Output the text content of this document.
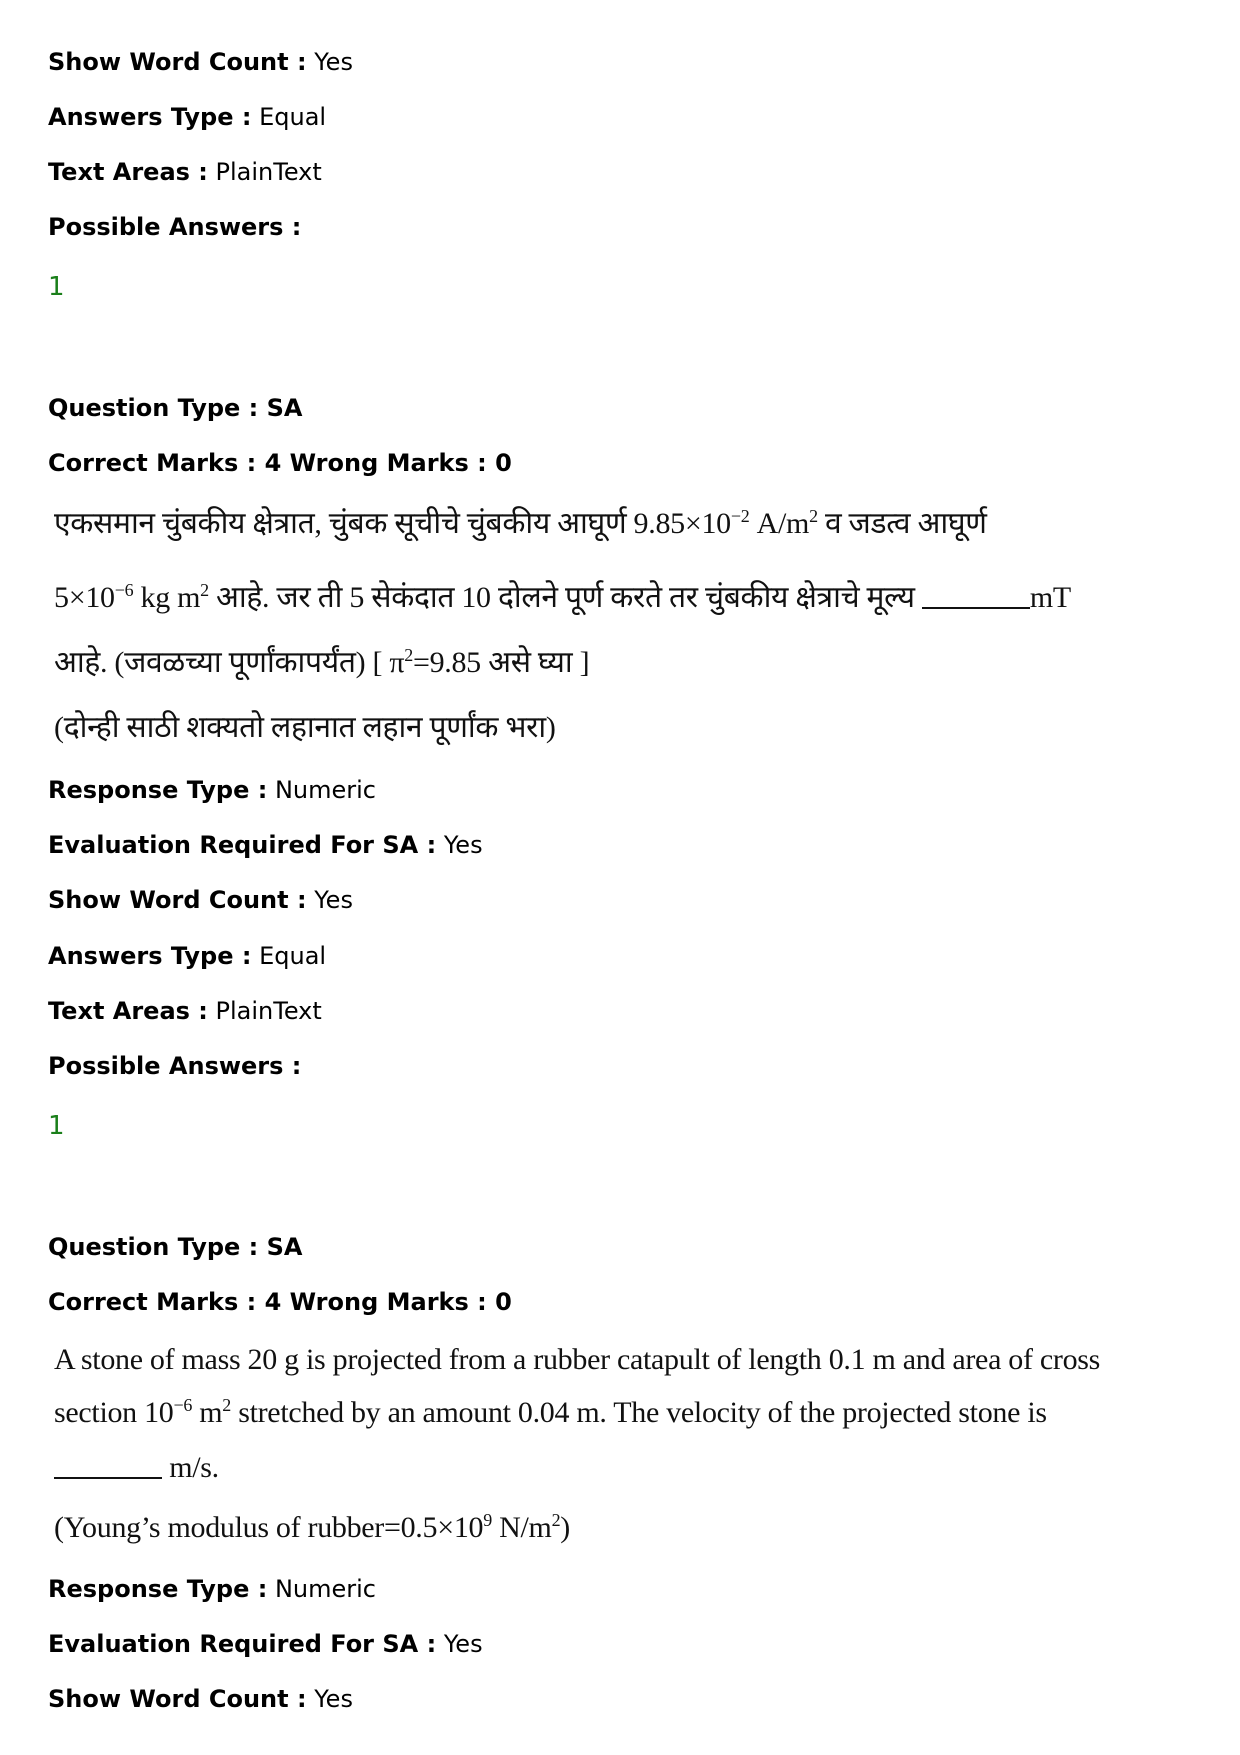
Show Word Count : Yes
Answers Type : Equal
Text Areas : PlainText
Possible Answers :
1
Question Type : SA
Correct Marks : 4 Wrong Marks : 0
एकसमान चुंबकीय क्षेत्रात, चुंबक सूचीचे चुंबकीय आघूर्ण $9.85\times 10^{-2}$ $A/m^2$ व जडत्व आघूर्ण
$5\times 10^{-6}$ kg $m^2$ आहे. जर ती 5 सेकंदात 10 दोलने पूर्ण करते तर चुंबकीय क्षेत्राचे मूल्य	mT
आहे. (जवळच्या पूर्णांकापर्यंत) [ $\pi^2=9.85$ असे घ्या ]
(दोन्ही साठी शक्यतो लहानात लहान पूर्णांक भरा)
Response Type : Numeric
Evaluation Required For SA : Yes
Show Word Count : Yes
Answers Type : Equal
Text Areas : PlainText
Possible Answers :
1
Question Type : SA
Correct Marks : 4 Wrong Marks : 0
A stone of mass 20 g is projected from a rubber catapult of length 0.1 m and area of cross
section $10^{-6}$ $m^2$ stretched by an amount 0.04 m. The velocity of the projected stone is
m/s.
(Young’s modulus of $rubber=0.5\times 10^9$ $N/m^2$)
Response Type : Numeric
Evaluation Required For SA : Yes
Show Word Count : Yes
